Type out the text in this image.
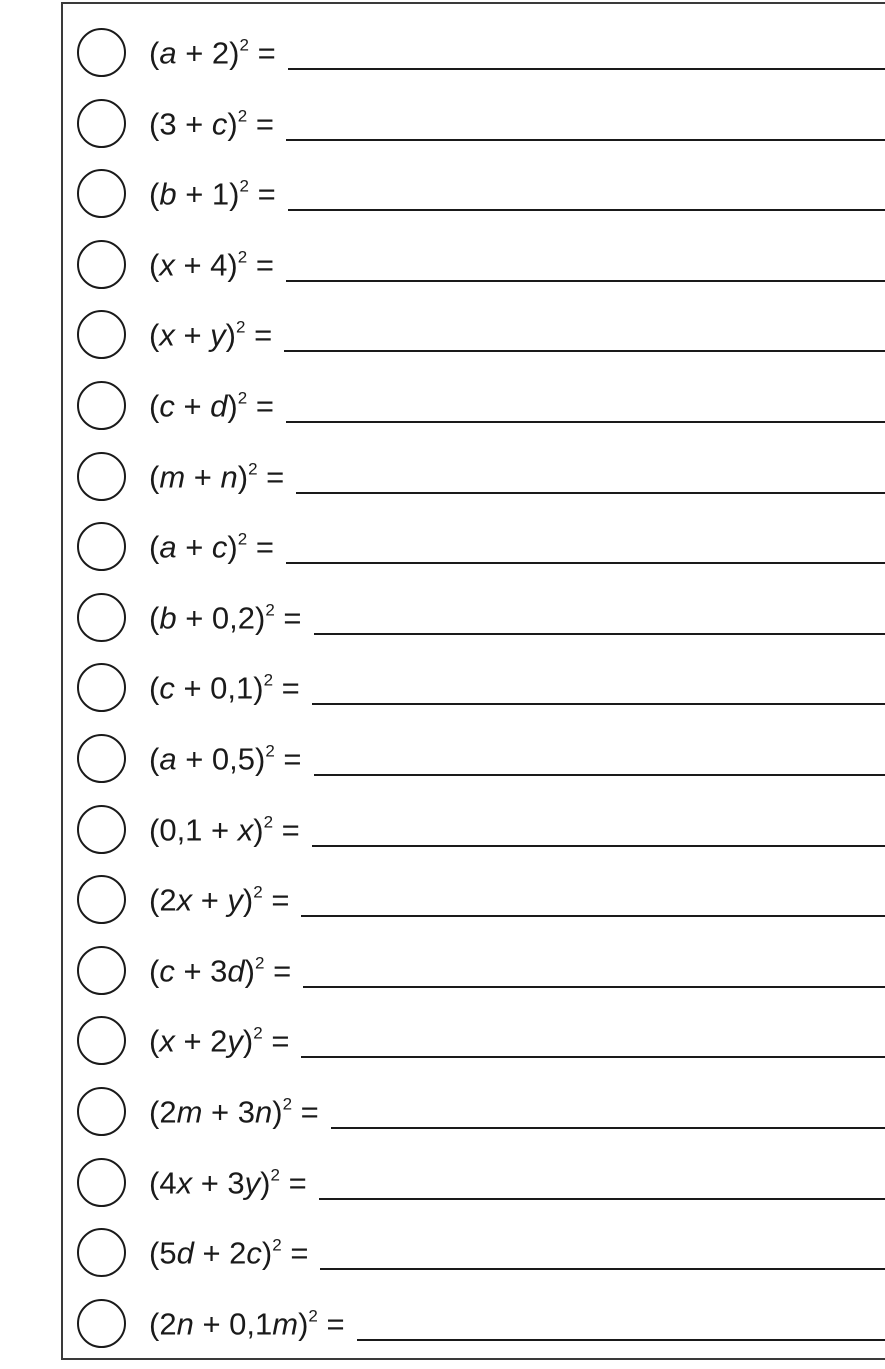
$(a + 2)^2$ =
$(3 + c)^2$ =
$(b + 1)^2$ =
$(x + 4)^2$ =
$(x + y)^2$ =
$(c + d)^2$ =
$(m + n)^2$ =
$(a + c)^2$ =
$(b + 0,2)^2$ =
$(c + 0,1)^2$ =
$(a + 0,5)^2$ =
$(0,1 + x)^2$ =
$(2x + y)^2$ =
$(c + 3d)^2$ =
$(x + 2y)^2$ =
$(2m + 3n)^2$ =
$(4x + 3y)^2$ =
$(5d + 2c)^2$ =
$(2n + 0,1m)^2$ =
